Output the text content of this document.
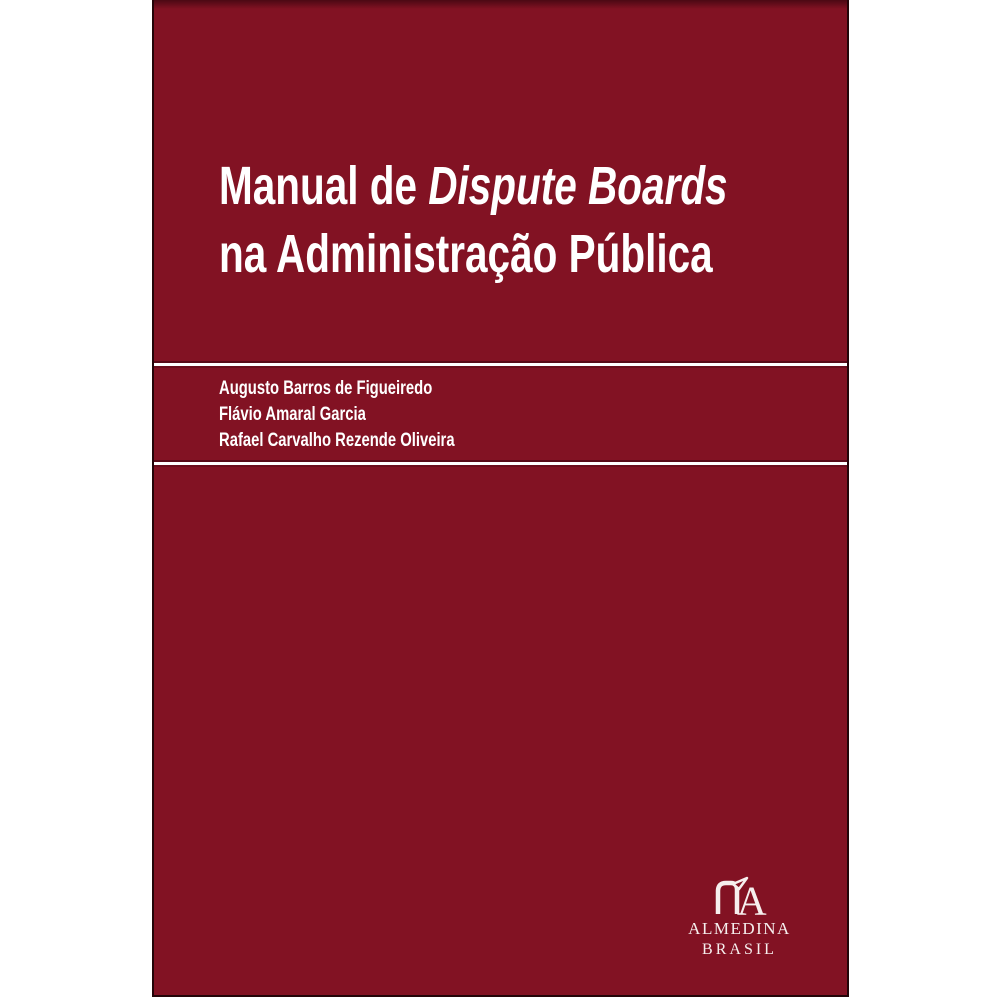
Manual de Dispute Boards
na Administração Pública
Augusto Barros de Figueiredo
Flávio Amaral Garcia
Rafael Carvalho Rezende Oliveira
A
ALMEDINA
BRASIL
